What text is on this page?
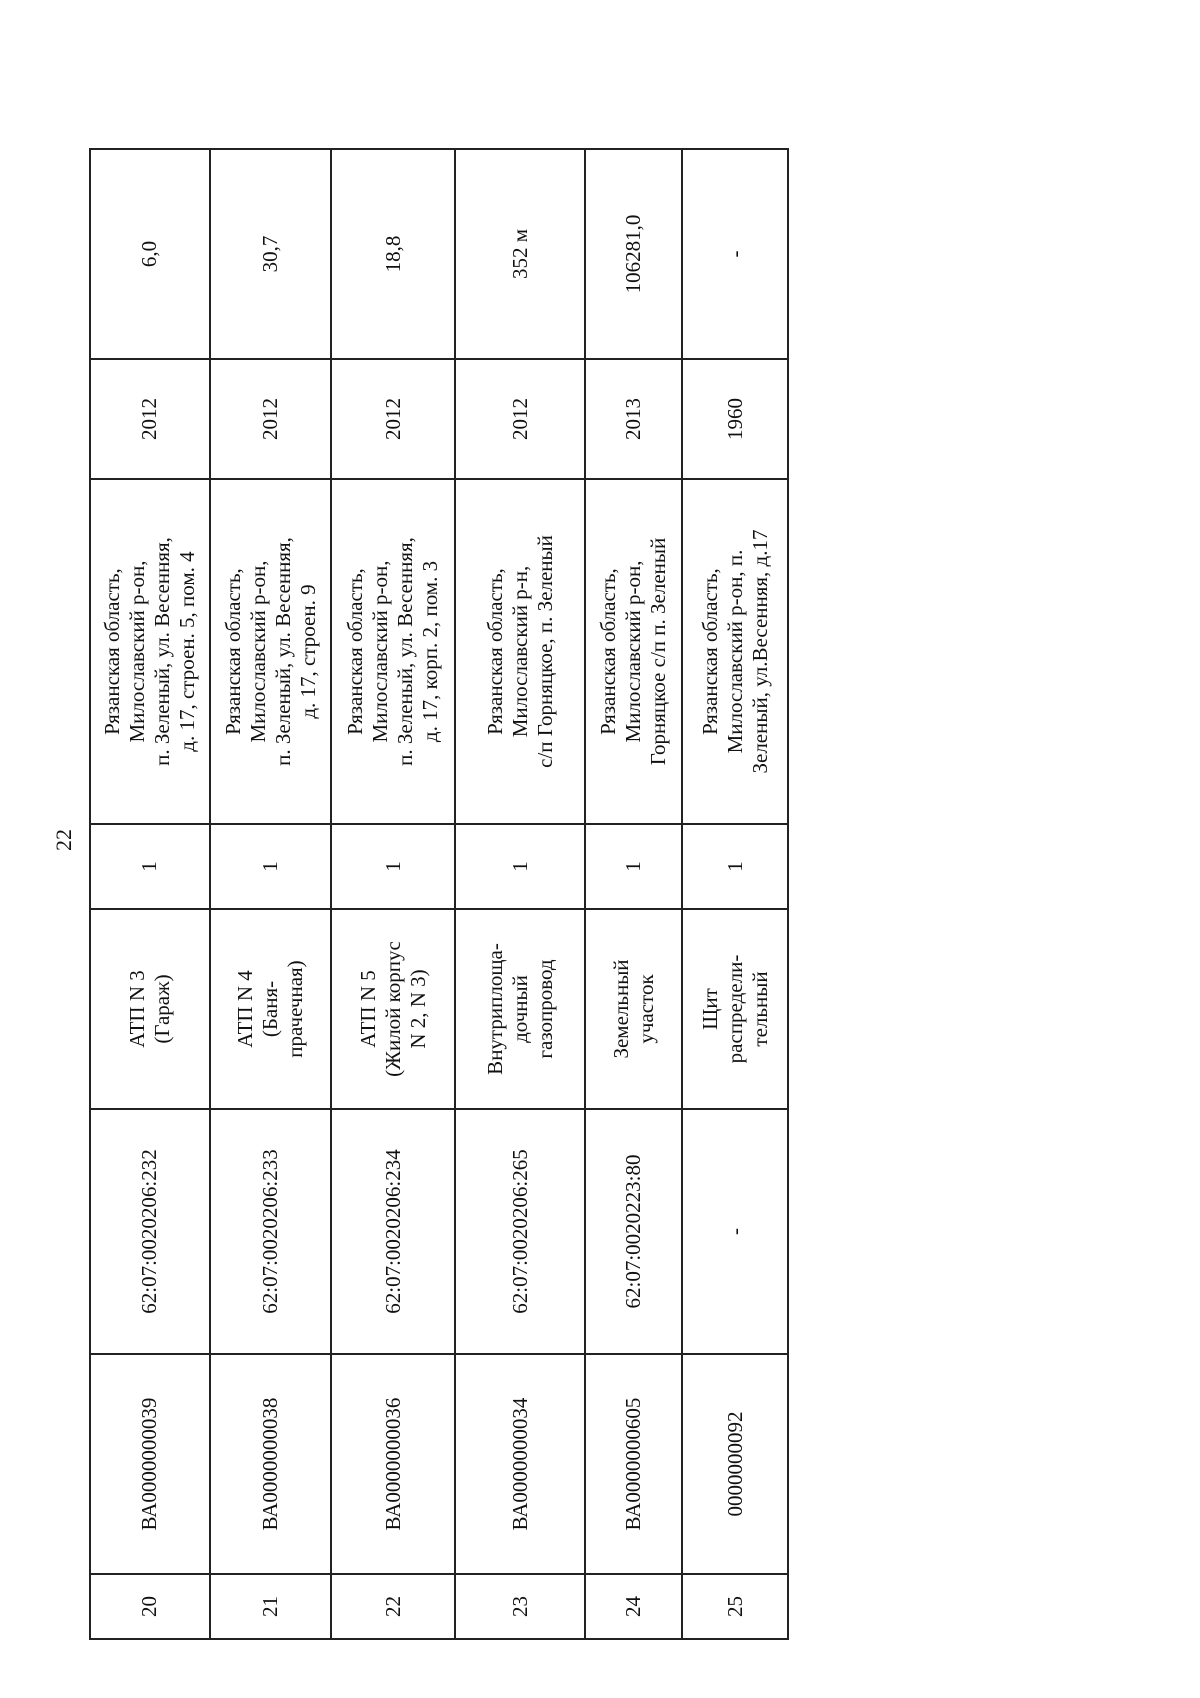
22
20	ВА0000000039	62:07:0020206:232	АТП N 3
(Гараж)	1	Рязанская область,
Милославский р-он,
п. Зеленый, ул. Весенняя,
д. 17, строен. 5, пом. 4	2012	6,0
21	ВА0000000038	62:07:0020206:233	АТП N 4
(Баня-
прачечная)	1	Рязанская область,
Милославский р-он,
п. Зеленый, ул. Весенняя,
д. 17, строен. 9	2012	30,7
22	ВА0000000036	62:07:0020206:234	АТП N 5
(Жилой корпус
N 2, N 3)	1	Рязанская область,
Милославский р-он,
п. Зеленый, ул. Весенняя,
д. 17, корп. 2, пом. 3	2012	18,8
23	ВА0000000034	62:07:0020206:265	Внутриплоща-
дочный
газопровод	1	Рязанская область,
Милославский р-н,
с/п Горняцкое, п. Зеленый	2012	352 м
24	ВА0000000605	62:07:0020223:80	Земельный
участок	1	Рязанская область,
Милославский р-он,
Горняцкое с/п п. Зеленый	2013	106281,0
25	0000000092	-	Щит
распредели-
тельный	1	Рязанская область,
Милославский р-он, п.
Зеленый, ул.Весенняя, д.17	1960	-
